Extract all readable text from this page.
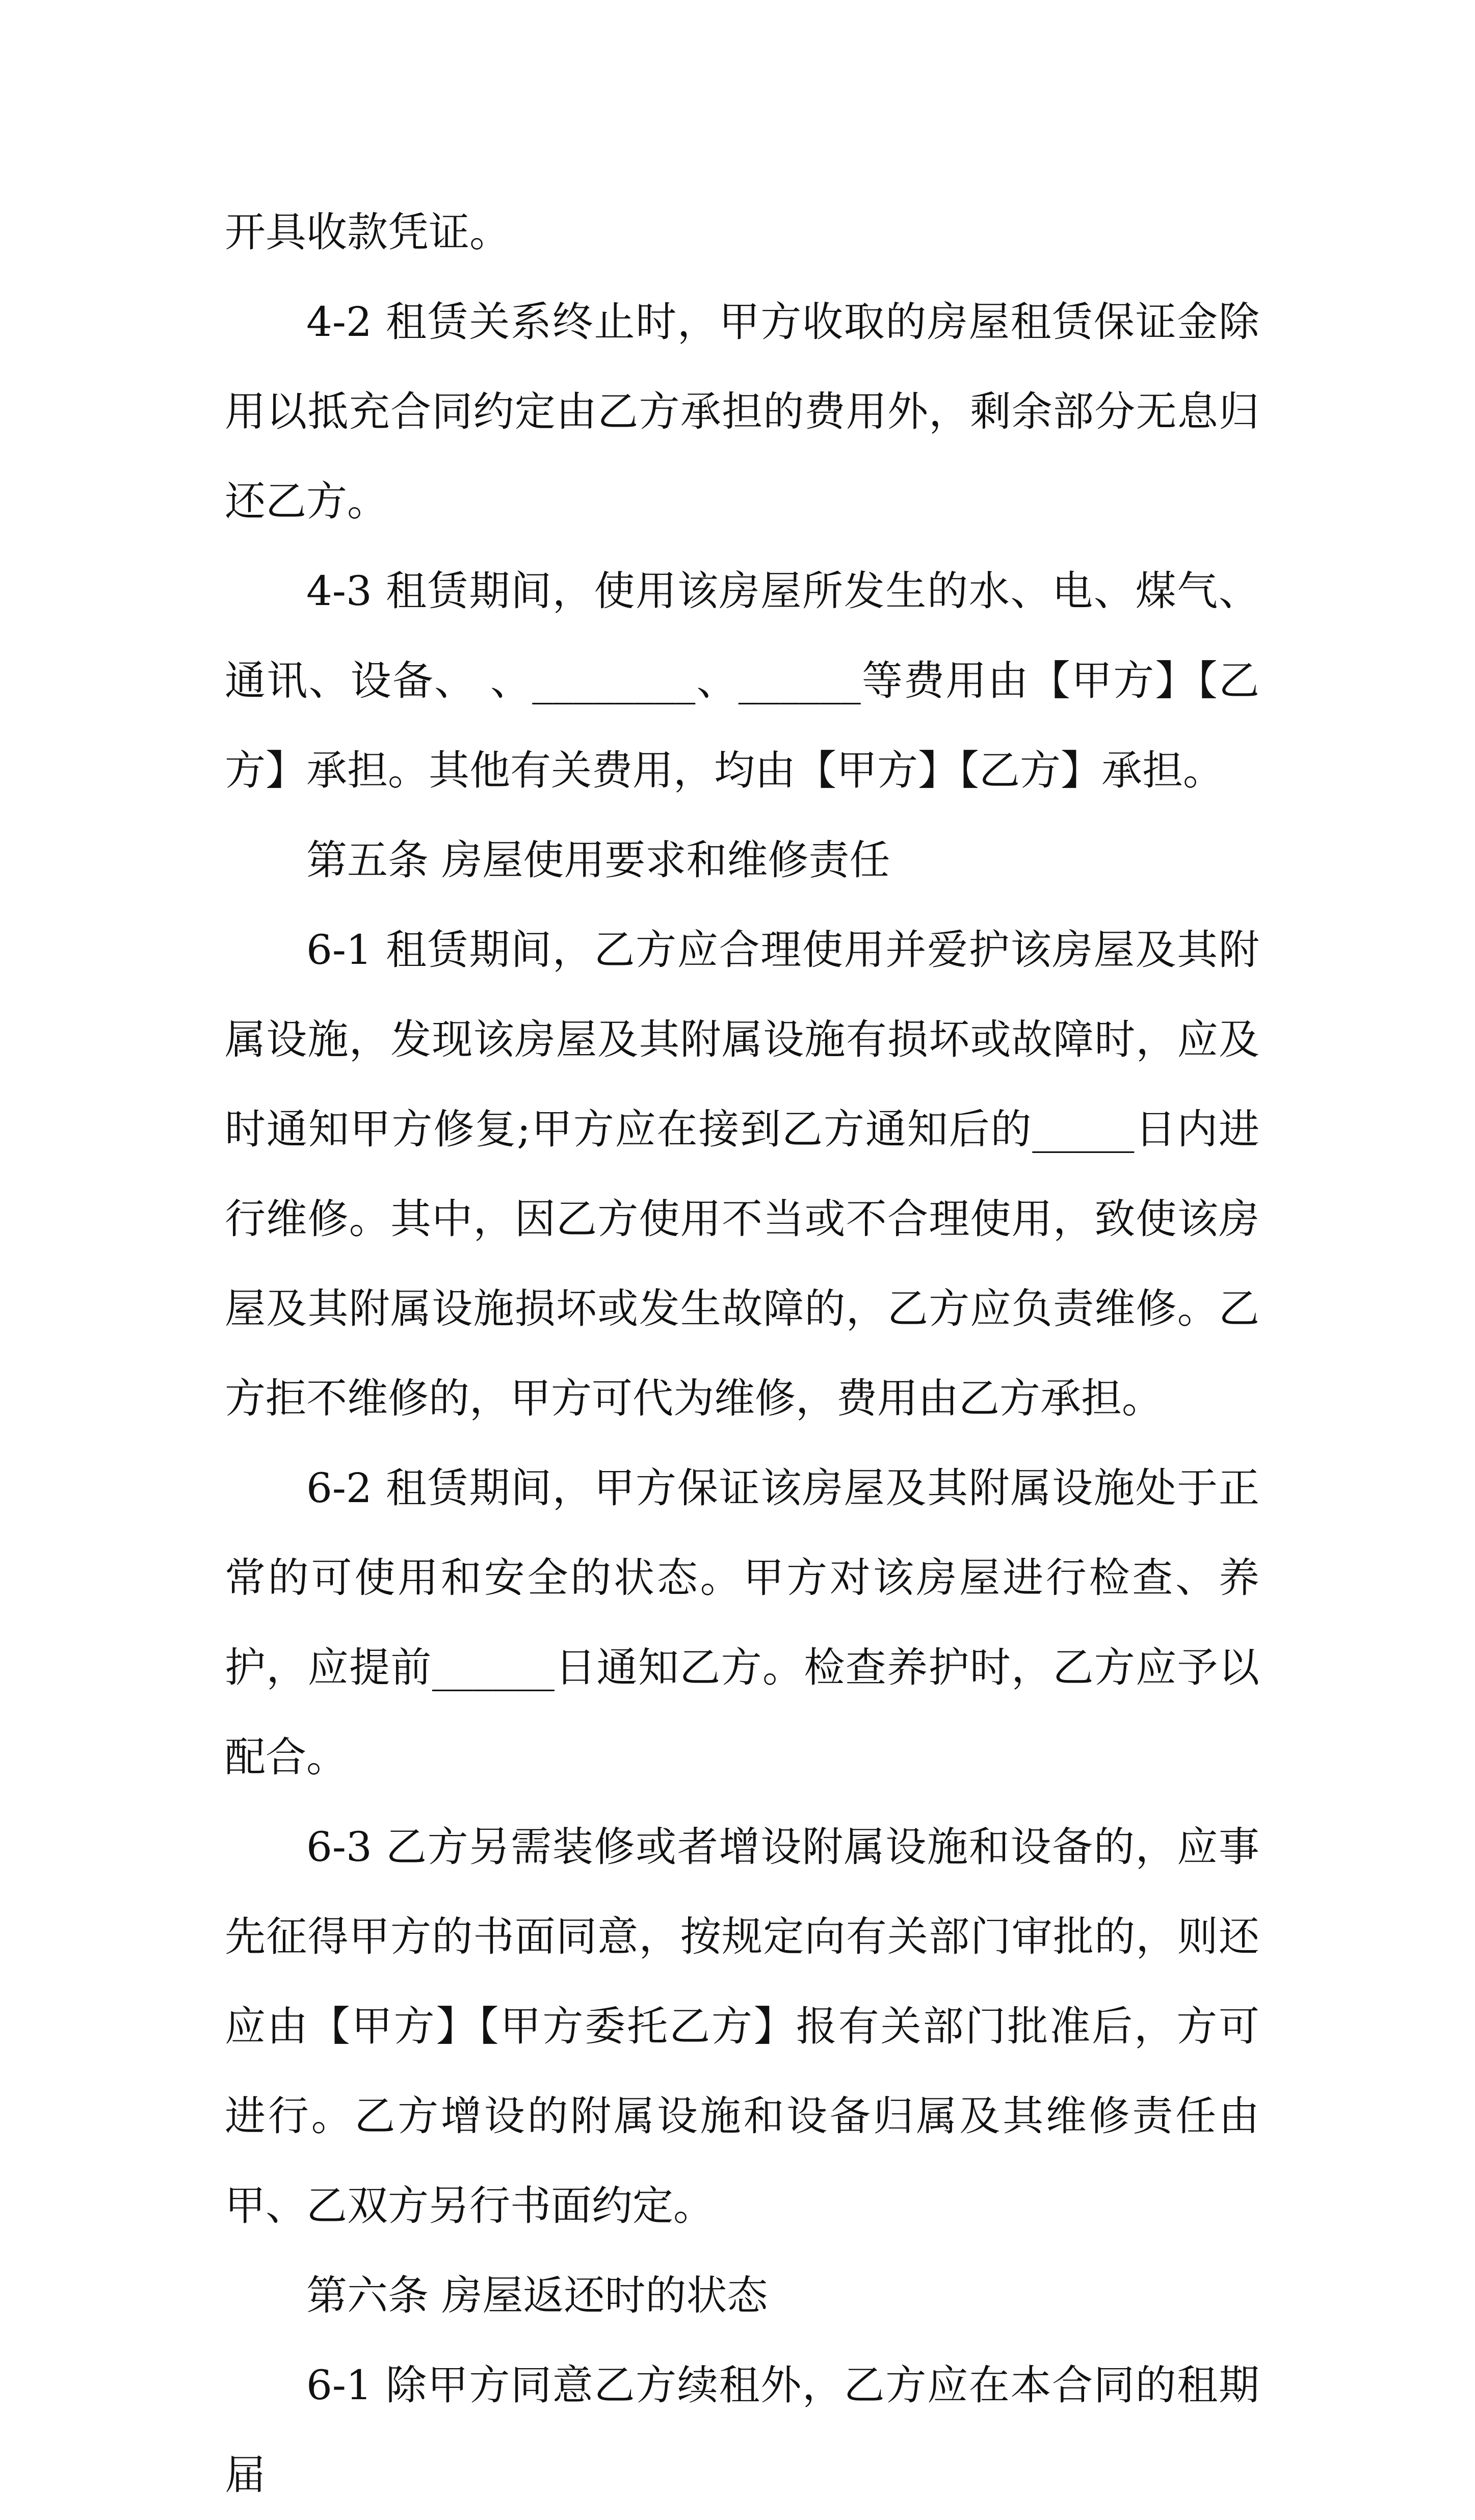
开具收款凭证。

4-2 租赁关系终止时，甲方收取的房屋租赁保证金除用以抵充合同约定由乙方承担的费用外，剩余部分无息归还乙方。

4-3 租赁期间，使用该房屋所发生的水、电、煤气、通讯、设备、 、________、______等费用由【甲方】【乙方】承担。其他有关费用，均由【甲方】【乙方】承担。

第五条 房屋使用要求和维修责任

6-1 租赁期间，乙方应合理使用并爱护该房屋及其附属设施，发现该房屋及其附属设施有损坏或故障时，应及时通知甲方修复;甲方应在接到乙方通知后的_____日内进行维修。其中，因乙方使用不当或不合理使用，致使该房屋及其附属设施损坏或发生故障的，乙方应负责维修。乙方拒不维修的，甲方可代为维修，费用由乙方承担。

6-2 租赁期间，甲方保证该房屋及其附属设施处于正常的可使用和安全的状态。甲方对该房屋进行检查、养护，应提前______日通知乙方。检查养护时，乙方应予以配合。

6-3 乙方另需装修或者增设附属设施和设备的，应事先征得甲方的书面同意，按规定向有关部门审批的，则还应由【甲方】【甲方委托乙方】报有关部门批准后，方可进行。乙方增设的附属设施和设备归属及其维修责任由甲、乙双方另行书面约定。

第六条 房屋返还时的状态

6-1 除甲方同意乙方续租外，乙方应在本合同的租期届
